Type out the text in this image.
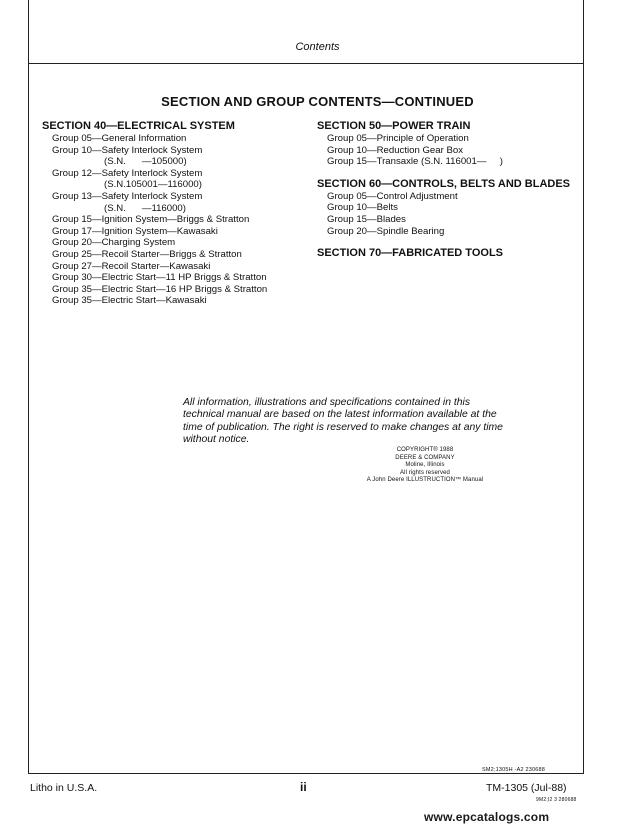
Contents
SECTION AND GROUP CONTENTS—CONTINUED
SECTION 40—ELECTRICAL SYSTEM
Group 05—General Information
Group 10—Safety Interlock System
(S.N.      —105000)
Group 12—Safety Interlock System
(S.N.105001—116000)
Group 13—Safety Interlock System
(S.N.      —116000)
Group 15—Ignition System—Briggs & Stratton
Group 17—Ignition System—Kawasaki
Group 20—Charging System
Group 25—Recoil Starter—Briggs & Stratton
Group 27—Recoil Starter—Kawasaki
Group 30—Electric Start—11 HP Briggs & Stratton
Group 35—Electric Start—16 HP Briggs & Stratton
Group 35—Electric Start—Kawasaki
SECTION 50—POWER TRAIN
Group 05—Principle of Operation
Group 10—Reduction Gear Box
Group 15—Transaxle (S.N. 116001—     )
SECTION 60—CONTROLS, BELTS AND BLADES
Group 05—Control Adjustment
Group 10—Belts
Group 15—Blades
Group 20—Spindle Bearing
SECTION 70—FABRICATED TOOLS
All information, illustrations and specifications contained in this technical manual are based on the latest information available at the time of publication. The right is reserved to make changes at any time without notice.
COPYRIGHT® 1988
DEERE & COMPANY
Moline, Illinois
All rights reserved
A John Deere ILLUSTRUCTION™ Manual
SM2;1305H -A2 230688
Litho in U.S.A.	ii	TM-1305 (Jul-88)
9M2;I2 3 280688
www.epcatalogs.com
